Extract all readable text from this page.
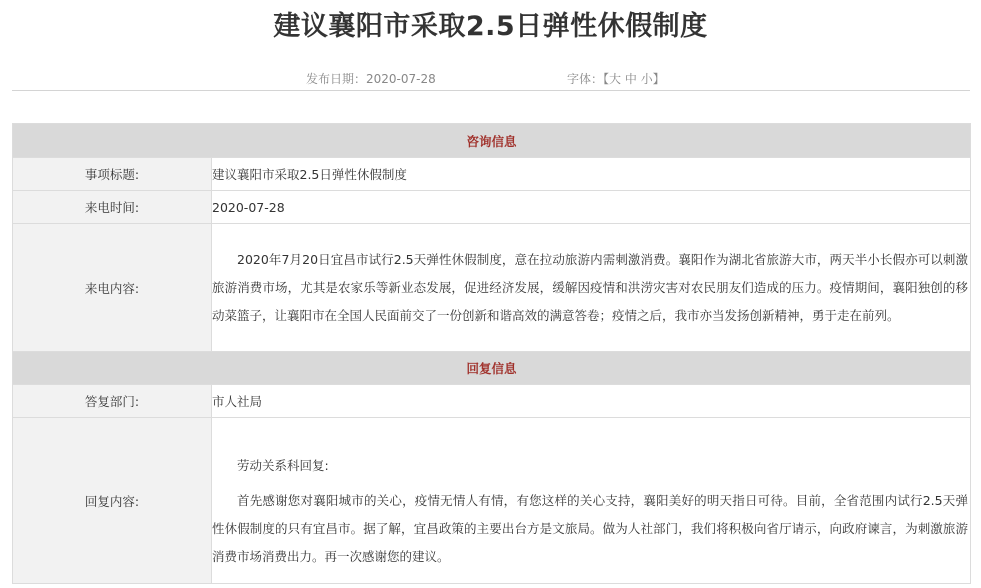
建议襄阳市采取2.5日弹性休假制度
发布日期：2020-07-28	字体：【大 中 小】
咨询信息	
事项标题:	建议襄阳市采取2.5日弹性休假制度
来电时间:	2020-07-28
来电内容:	2020年7月20日宜昌市试行2.5天弹性休假制度，意在拉动旅游内需刺激消费。襄阳作为湖北省旅游大市，两天半小长假亦可以刺激旅游消费市场，尤其是农家乐等新业态发展，促进经济发展，缓解因疫情和洪涝灾害对农民朋友们造成的压力。疫情期间，襄阳独创的移动菜篮子，让襄阳市在全国人民面前交了一份创新和谐高效的满意答卷；疫情之后，我市亦当发扬创新精神，勇于走在前列。

回复信息	
答复部门:	市人社局
回复内容:	劳动关系科回复:

首先感谢您对襄阳城市的关心，疫情无情人有情，有您这样的关心支持，襄阳美好的明天指日可待。目前，全省范围内试行2.5天弹性休假制度的只有宜昌市。据了解，宜昌政策的主要出台方是文旅局。做为人社部门，我们将积极向省厅请示，向政府谏言，为刺激旅游消费市场消费出力。再一次感谢您的建议。
